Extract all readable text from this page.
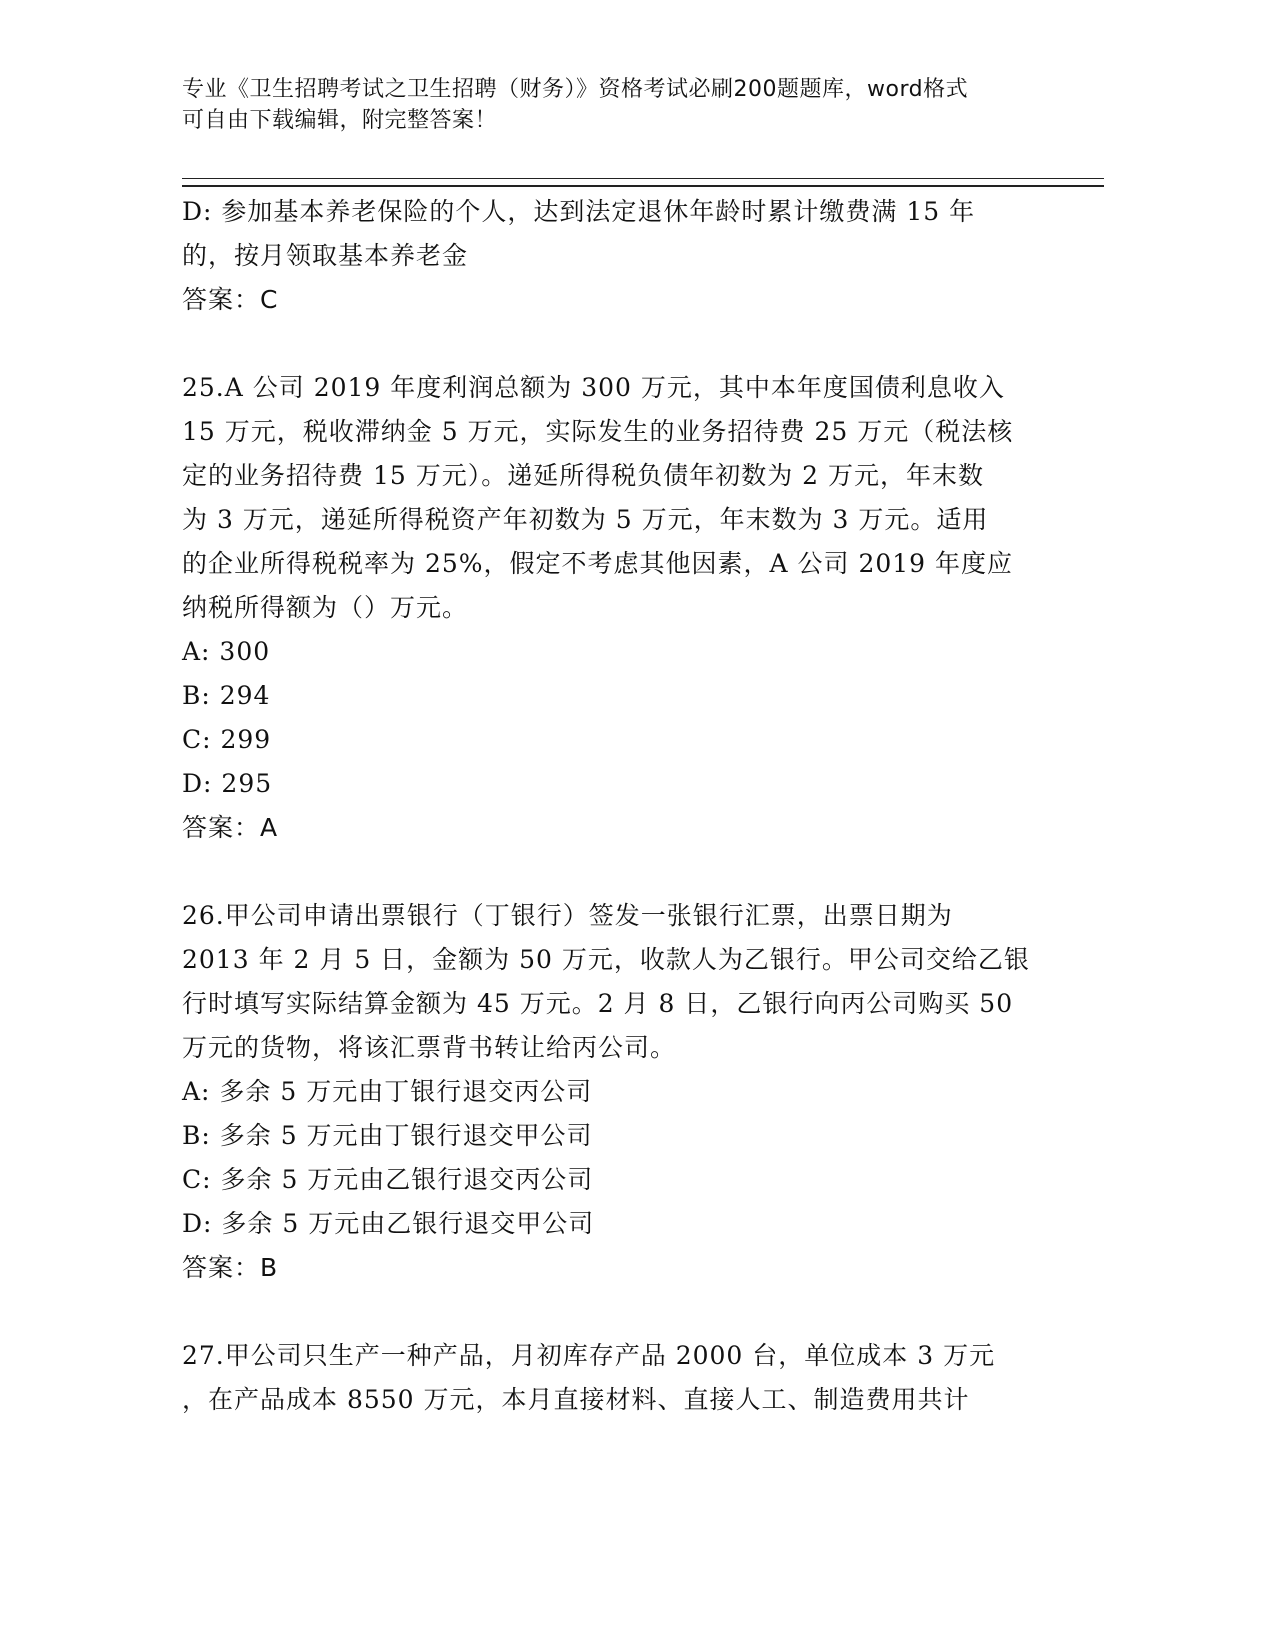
专业《卫生招聘考试之卫生招聘（财务）》资格考试必刷200题题库，word格式
可自由下载编辑，附完整答案！
D: 参加基本养老保险的个人，达到法定退休年龄时累计缴费满 15 年
的，按月领取基本养老金
答案：C
25.A 公司 2019 年度利润总额为 300 万元，其中本年度国债利息收入
15 万元，税收滞纳金 5 万元，实际发生的业务招待费 25 万元（税法核
定的业务招待费 15 万元）。递延所得税负债年初数为 2 万元，年末数
为 3 万元，递延所得税资产年初数为 5 万元，年末数为 3 万元。适用
的企业所得税税率为 25%，假定不考虑其他因素，A 公司 2019 年度应
纳税所得额为（）万元。
A: 300
B: 294
C: 299
D: 295
答案：A
26.甲公司申请出票银行（丁银行）签发一张银行汇票，出票日期为
2013 年 2 月 5 日，金额为 50 万元，收款人为乙银行。甲公司交给乙银
行时填写实际结算金额为 45 万元。2 月 8 日，乙银行向丙公司购买 50
万元的货物，将该汇票背书转让给丙公司。
A: 多余 5 万元由丁银行退交丙公司
B: 多余 5 万元由丁银行退交甲公司
C: 多余 5 万元由乙银行退交丙公司
D: 多余 5 万元由乙银行退交甲公司
答案：B
27.甲公司只生产一种产品，月初库存产品 2000 台，单位成本 3 万元
，在产品成本 8550 万元，本月直接材料、直接人工、制造费用共计
